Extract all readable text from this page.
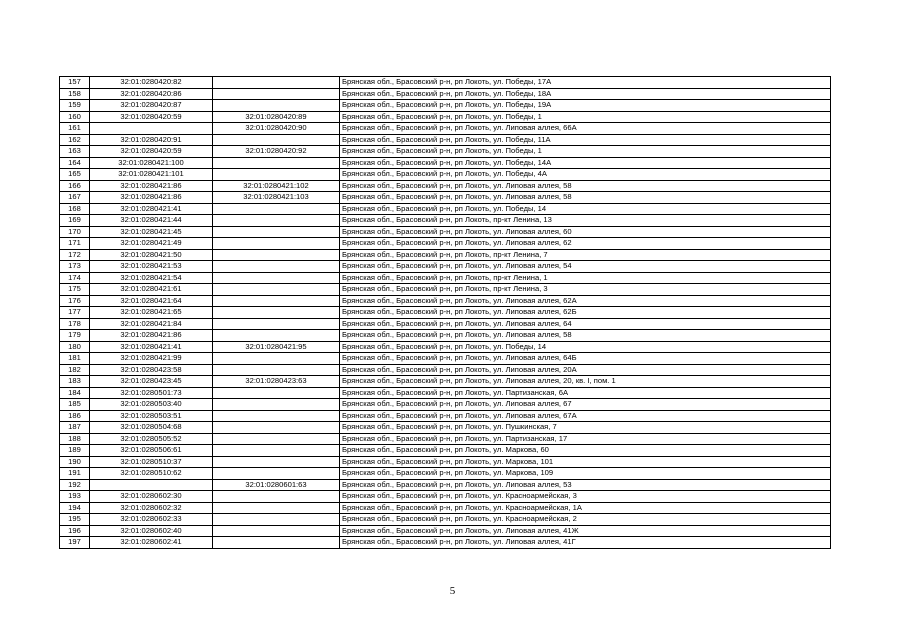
157	32:01:0280420:82		Брянская обл., Брасовский р-н, рп Локоть, ул. Победы, 17А
158	32:01:0280420:86		Брянская обл., Брасовский р-н, рп Локоть, ул. Победы, 18А
159	32:01:0280420:87		Брянская обл., Брасовский р-н, рп Локоть, ул. Победы, 19А
160	32:01:0280420:59	32:01:0280420:89	Брянская обл., Брасовский р-н, рп Локоть, ул. Победы, 1
161		32:01:0280420:90	Брянская обл., Брасовский р-н, рп Локоть, ул. Липовая аллея, 66А
162	32:01:0280420:91		Брянская обл., Брасовский р-н, рп Локоть, ул. Победы, 11А
163	32:01:0280420:59	32:01:0280420:92	Брянская обл., Брасовский р-н, рп Локоть, ул. Победы, 1
164	32:01:0280421:100		Брянская обл., Брасовский р-н, рп Локоть, ул. Победы, 14А
165	32:01:0280421:101		Брянская обл., Брасовский р-н, рп Локоть, ул. Победы, 4А
166	32:01:0280421:86	32:01:0280421:102	Брянская обл., Брасовский р-н, рп Локоть, ул. Липовая аллея, 58
167	32:01:0280421:86	32:01:0280421:103	Брянская обл., Брасовский р-н, рп Локоть, ул. Липовая аллея, 58
168	32:01:0280421:41		Брянская обл., Брасовский р-н, рп Локоть, ул. Победы, 14
169	32:01:0280421:44		Брянская обл., Брасовский р-н, рп Локоть, пр-кт Ленина, 13
170	32:01:0280421:45		Брянская обл., Брасовский р-н, рп Локоть, ул. Липовая аллея, 60
171	32:01:0280421:49		Брянская обл., Брасовский р-н, рп Локоть, ул. Липовая аллея, 62
172	32:01:0280421:50		Брянская обл., Брасовский р-н, рп Локоть, пр-кт Ленина, 7
173	32:01:0280421:53		Брянская обл., Брасовский р-н, рп Локоть, ул. Липовая аллея, 54
174	32:01:0280421:54		Брянская обл., Брасовский р-н, рп Локоть, пр-кт Ленина, 1
175	32:01:0280421:61		Брянская обл., Брасовский р-н, рп Локоть, пр-кт Ленина, 3
176	32:01:0280421:64		Брянская обл., Брасовский р-н, рп Локоть, ул. Липовая аллея, 62А
177	32:01:0280421:65		Брянская обл., Брасовский р-н, рп Локоть, ул. Липовая аллея, 62Б
178	32:01:0280421:84		Брянская обл., Брасовский р-н, рп Локоть, ул. Липовая аллея, 64
179	32:01:0280421:86		Брянская обл., Брасовский р-н, рп Локоть, ул. Липовая аллея, 58
180	32:01:0280421:41	32:01:0280421:95	Брянская обл., Брасовский р-н, рп Локоть, ул. Победы, 14
181	32:01:0280421:99		Брянская обл., Брасовский р-н, рп Локоть, ул. Липовая аллея, 64Б
182	32:01:0280423:58		Брянская обл., Брасовский р-н, рп Локоть, ул. Липовая аллея, 20А
183	32:01:0280423:45	32:01:0280423:63	Брянская обл., Брасовский р-н, рп Локоть, ул. Липовая аллея, 20, кв. I, пом. 1
184	32:01:0280501:73		Брянская обл., Брасовский р-н, рп Локоть, ул. Партизанская, 6А
185	32:01:0280503:40		Брянская обл., Брасовский р-н, рп Локоть, ул. Липовая аллея, 67
186	32:01:0280503:51		Брянская обл., Брасовский р-н, рп Локоть, ул. Липовая аллея, 67А
187	32:01:0280504:68		Брянская обл., Брасовский р-н, рп Локоть, ул. Пушкинская, 7
188	32:01:0280505:52		Брянская обл., Брасовский р-н, рп Локоть, ул. Партизанская, 17
189	32:01:0280506:61		Брянская обл., Брасовский р-н, рп Локоть, ул. Маркова, 60
190	32:01:0280510:37		Брянская обл., Брасовский р-н, рп Локоть, ул. Маркова, 101
191	32:01:0280510:62		Брянская обл., Брасовский р-н, рп Локоть, ул. Маркова, 109
192		32:01:0280601:63	Брянская обл., Брасовский р-н, рп Локоть, ул. Липовая аллея, 53
193	32:01:0280602:30		Брянская обл., Брасовский р-н, рп Локоть, ул. Красноармейская, 3
194	32:01:0280602:32		Брянская обл., Брасовский р-н, рп Локоть, ул. Красноармейская, 1А
195	32:01:0280602:33		Брянская обл., Брасовский р-н, рп Локоть, ул. Красноармейская, 2
196	32:01:0280602:40		Брянская обл., Брасовский р-н, рп Локоть, ул. Липовая аллея, 41Ж
197	32:01:0280602:41		Брянская обл., Брасовский р-н, рп Локоть, ул. Липовая аллея, 41Г
5
